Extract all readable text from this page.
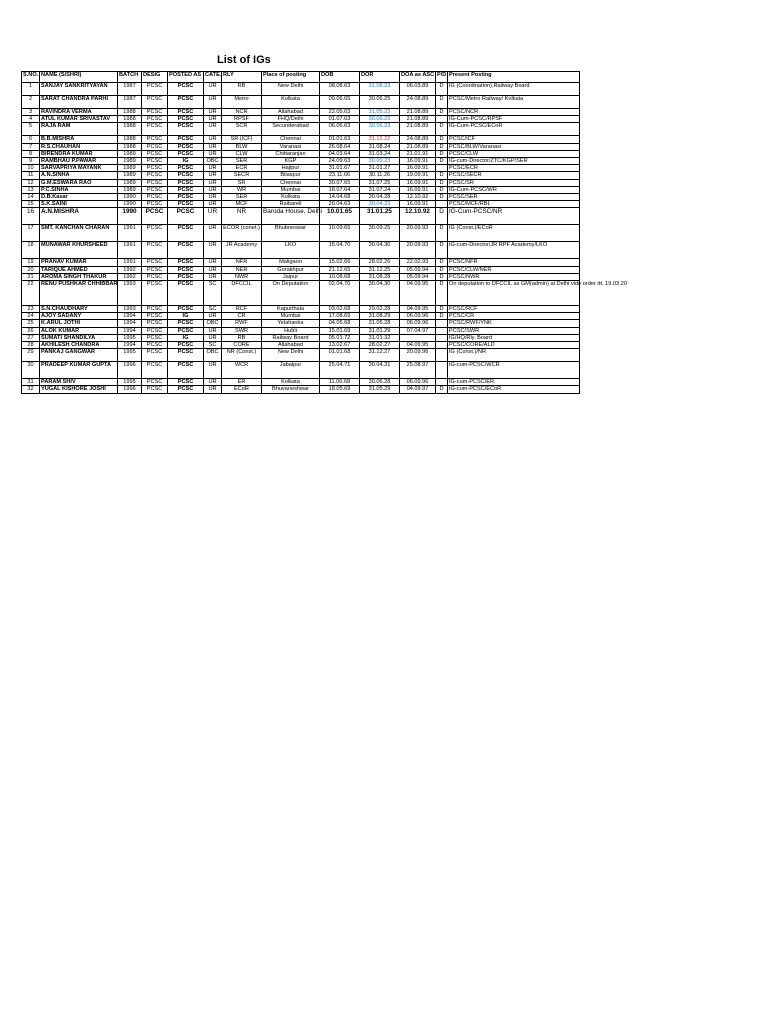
List of IGs
S.NO.	NAME (S/SHRI)	BATCH	DESIG	POSTED AS	CATE.	RLY	Place of posting	DOB	DOR	DOA as ASC	P/D	Present Posting
1	SANJAY SANKRITYAYAN	1987	PCSC	PCSC	UR	RB	New Delhi	08.08.63	31.08.23	06.03.89	D	IG (Coordination),Railway Board
2	SARAT CHANDRA PARHI	1987	PCSC	PCSC	UR	Metro	Kolkata	09.06.65	30.06.25	24.08.89	D	PCSC/Metro Railway/ Kolkata
3	RAVINDRA VERMA	1988	PCSC	PCSC	UR	NCR	Allahabad	22.05.63	31.05.23	21.08.89	D	PCSC/NCR
4	ATUL KUMAR SRIVASTAV	1988	PCSC	PCSC	UR	RPSF	FHQ/Delhi	01.07.63	30.06.23	21.08.89		IG-Cum-PCSC/RPSF
5	RAJA RAM	1988	PCSC	PCSC	UR	SCR	Secunderabad	06.06.63	30.06.23	21.08.89	D	IG-Cum-PCSC/ECoR
6	B.B.MISHRA	1988	PCSC	PCSC	UR	SR (ICF)	Chennai	01.01.63	31.12.22	24.08.89	D	PCSC/ICF
7	R.S.CHAUHAN	1988	PCSC	PCSC	UR	BLW	Varanasi	26.08.64	31.08.24	21.08.89	D	PCSC/BLW/Varanasi
8	BIRENDRA KUMAR	1989	PCSC	PCSC	UR	CLW	Chittaranjan	04.03.64	31.03.24	21.01.91	D	PCSC/CLW
9	RAMBHAU P.PAWAR	1989	PCSC	IG	OBC	SER	KGP	24.09.63	30.09.23	16.09.91	D	IG-cum-Director/ZTC/KGP/SER
10	SARVAPRIYA MAYANK	1989	PCSC	PCSC	UR	ECR	Hajipur	31.01.67	31.01.27	16.09.91		PCSC/ECR
11	A.N.SINHA	1989	PCSC	PCSC	UR	SECR	Bilaspur	23.11.66	30.11.26	19.09.91	D	PCSC/SECR
12	G.M.ESWARA RAO	1989	PCSC	PCSC	UR	SR	Chennai	30.07.65	31.07.25	16.09.91	D	PCSC/SR
13	P.C.SINHA	1989	PCSC	PCSC	UR	WR	Mumbai	18.07.64	31.07.24	16.09.91	D	IG-Cum-PCSC/WR
14	D.B.Kasar	1990	PCSC	PCSC	UR	SER	Kolkata	14.04.68	30.04.28	12.10.92	D	PCSC/SER
15	S.K.SAINI	1990	PCSC	PCSC	UR	MCF	Raibareli	20.04.63	30.04.23	16.09.91		PCSC/MCF/RBL
16	A.N.MISHRA	1990	PCSC	PCSC	UR	NR	Baroda House, Delhi	10.01.65	31.01.25	12.10.92	D	IG-Cum-PCSC/NR
17	SMT. KANCHAN CHARAN	1991	PCSC	PCSC	UR	ECOR (conet.)	Bhubneswar	10.09.65	30.09.25	20.09.93	D	IG (Const.)/ECoR
18	MUNAWAR KHURSHEED	1991	PCSC	PCSC	UR	JR Academy	LKO	15.04.70	30.04.30	20.09.93	D	IG-cum-Director/JR RPF Academy/LKO
19	PRANAV KUMAR	1991	PCSC	PCSC	UR	NFR	Maligaon	15.02.66	28.02.26	22.02.93	D	PCSC/NFR
20	TARIQUE AHMED	1992	PCSC	PCSC	UR	NER	Gorakhpur	21.12.65	31.12.25	05.09.94	D	PCSC/CLW/NER
21	AROMA SINGH THAKUR	1992	PCSC	PCSC	UR	NWR	Jaipur	10.08.68	31.08.28	05.09.94	D	PCSC/NWR
22	RENU PUSHKAR CHHIBBAR	1993	PCSC	PCSC	SC	DFCCIL	On Deputation	02.04.70	30.04.30	04.09.95	D	On deputation to DFCCIL as GM(admin) at Delhi vide order dt. 19.03.20
23	S.N.CHAUDHARY	1993	PCSC	PCSC	SC	RCF	Kapurthala	03.02.68	29.02.28	04.09.95	D	PCSC/RCF
24	AJOY SADANY	1994	PCSC	IG	UR	CR	Mumbai	17.08.69	31.08.29	06.09.96	D	PCSC/CR
25	K.ARUL JOTHI	1994	PCSC	PCSC	OBC	RWF	Yelahanka	04.05.68	31.05.28	06.09.96		PCSC/RWF/YNK
26	ALOK KUMAR	1994	PCSC	PCSC	UR	SWR	Hubli	15.01.69	31.01.29	07.04.97		PCSC/SWR
27	SUMATI SHANDILYA	1995	PCSC	IG	UR	RB	Railway Board	05.01.72	31.01.32			IG/HQ/Rly. Board
28	AKHILESH CHANDRA	1994	PCSC	PCSC	SC	CORE	Allahabad	13.02.67	28.02.27	04.09.95		PCSC/CORE/ALD
29	PANKAJ GANGWAR	1995	PCSC	PCSC	OBC	NR (Const.)	New Delhi	01.01.68	31.12.27	20.09.96		IG (Const.)/NR
30	PRADEEP KUMAR GUPTA	1996	PCSC	PCSC	UR	WCR	Jabalpur	25.04.71	30.04.31	25.08.97		IG-cum-PCSC/WCR
31	PARAM SHIV	1995	PCSC	PCSC	UR	ER	Kolkata	11.06.68	30.06.28	06.09.96		IG-cum-PCSC/ER
32	YUGAL KISHORE JOSHI	1996	PCSC	PCSC	UR	ECoR	Bhuvaneshwar	18.05.69	31.05.29	04.09.97	D	IG-cum-PCSC/ECoR
